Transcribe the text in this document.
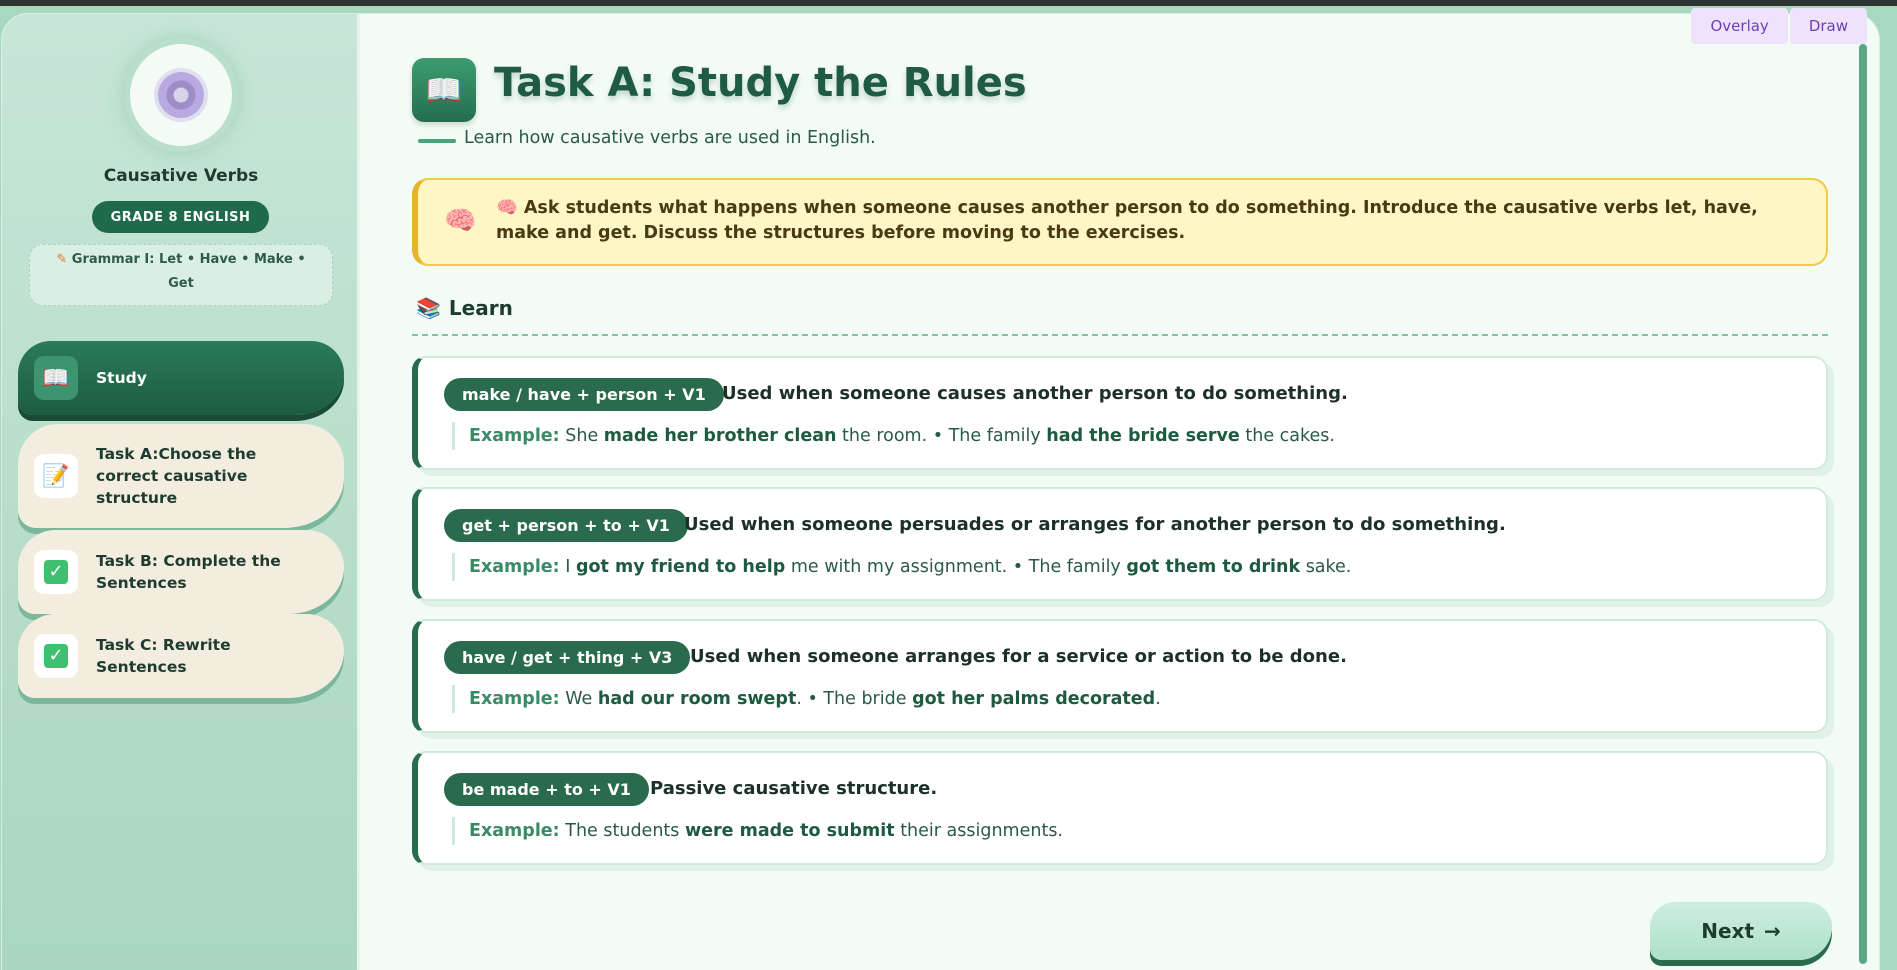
Overlay	Draw
Causative Verbs
GRADE 8 ENGLISH
✎ Grammar I: Let • Have • Make • Get
📖	Study
📝
Task A:Choose the correct causative structure
✓ Task B: Complete the Sentences
✓ Task C: Rewrite Sentences
📖 Task A: Study the Rules
Learn how causative verbs are used in English.
🧠 🧠 Ask students what happens when someone causes another person to do something. Introduce the causative verbs let, have, make and get. Discuss the structures before moving to the exercises.
📚 Learn
make / have + person + V1 Used when someone causes another person to do something.
Example: She made her brother clean the room. • The family had the bride serve the cakes.
get + person + to + V1 Used when someone persuades or arranges for another person to do something.
Example: I got my friend to help me with my assignment. • The family got them to drink sake.
have / get + thing + V3 Used when someone arranges for a service or action to be done.
Example: We had our room swept. • The bride got her palms decorated.
be made + to + V1	Passive causative structure.
Example: The students were made to submit their assignments.
Next →
